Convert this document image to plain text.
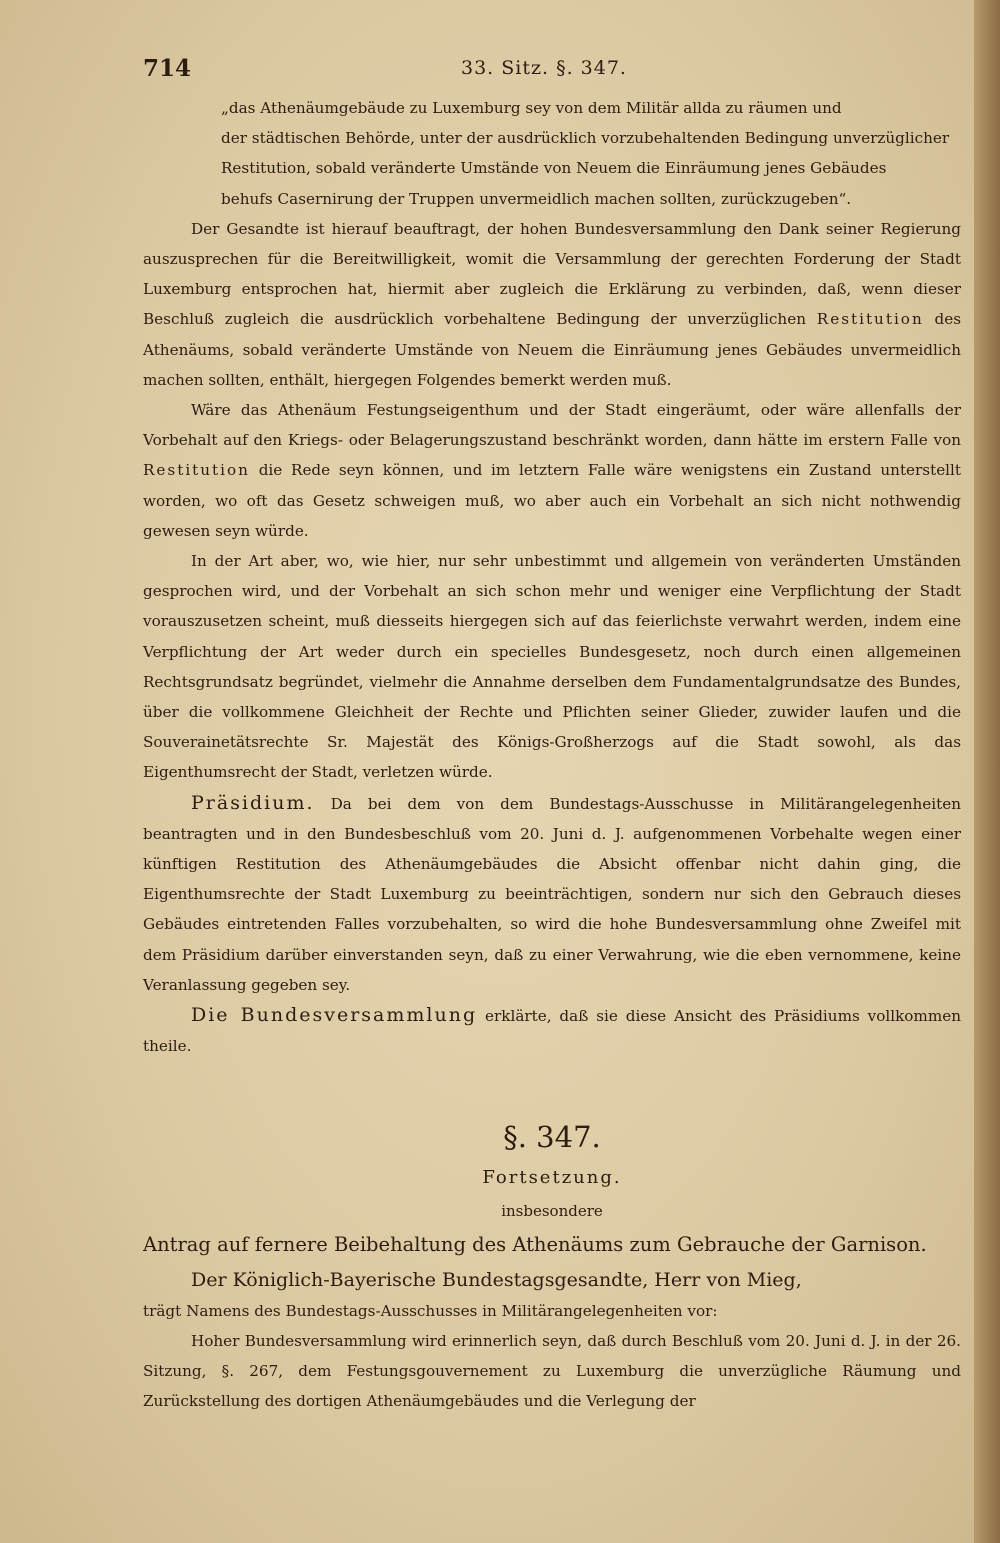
714	33. Sitz. §. 347.

„das Athenäumgebäude zu Luxemburg sey von dem Militär allda zu räumen und

der städtischen Behörde, unter der ausdrücklich vorzubehaltenden Bedingung unverzüglicher

Restitution, sobald veränderte Umstände von Neuem die Einräumung jenes Gebäudes

behufs Casernirung der Truppen unvermeidlich machen sollten, zurückzugeben“.

Der Gesandte ist hierauf beauftragt, der hohen Bundesversammlung den Dank seiner Regierung auszusprechen für die Bereitwilligkeit, womit die Versammlung der gerechten Forderung der Stadt Luxemburg entsprochen hat, hiermit aber zugleich die Erklärung zu verbinden, daß, wenn dieser Beschluß zugleich die ausdrücklich vorbehaltene Bedingung der unverzüglichen Restitution des Athenäums, sobald veränderte Umstände von Neuem die Einräumung jenes Gebäudes unvermeidlich machen sollten, enthält, hiergegen Folgendes bemerkt werden muß.

Wäre das Athenäum Festungseigenthum und der Stadt eingeräumt, oder wäre allenfalls der Vorbehalt auf den Kriegs- oder Belagerungszustand beschränkt worden, dann hätte im erstern Falle von Restitution die Rede seyn können, und im letztern Falle wäre wenigstens ein Zustand unterstellt worden, wo oft das Gesetz schweigen muß, wo aber auch ein Vorbehalt an sich nicht nothwendig gewesen seyn würde.

In der Art aber, wo, wie hier, nur sehr unbestimmt und allgemein von veränderten Umständen gesprochen wird, und der Vorbehalt an sich schon mehr und weniger eine Verpflichtung der Stadt vorauszusetzen scheint, muß diesseits hiergegen sich auf das feierlichste verwahrt werden, indem eine Verpflichtung der Art weder durch ein specielles Bundesgesetz, noch durch einen allgemeinen Rechtsgrundsatz begründet, vielmehr die Annahme derselben dem Fundamentalgrundsatze des Bundes, über die vollkommene Gleichheit der Rechte und Pflichten seiner Glieder, zuwider laufen und die Souverainetätsrechte Sr. Majestät des Königs-Großherzogs auf die Stadt sowohl, als das Eigenthumsrecht der Stadt, verletzen würde.

Präsidium. Da bei dem von dem Bundestags-Ausschusse in Militärangelegenheiten beantragten und in den Bundesbeschluß vom 20. Juni d. J. aufgenommenen Vorbehalte wegen einer künftigen Restitution des Athenäumgebäudes die Absicht offenbar nicht dahin ging, die Eigenthumsrechte der Stadt Luxemburg zu beeinträchtigen, sondern nur sich den Gebrauch dieses Gebäudes eintretenden Falles vorzubehalten, so wird die hohe Bundesversammlung ohne Zweifel mit dem Präsidium darüber einverstanden seyn, daß zu einer Verwahrung, wie die eben vernommene, keine Veranlassung gegeben sey.

Die Bundesversammlung erklärte, daß sie diese Ansicht des Präsidiums vollkommen theile.

§. 347.
Fortsetzung.
insbesondere

Antrag auf fernere Beibehaltung des Athenäums zum Gebrauche der Garnison.

Der Königlich-Bayerische Bundestagsgesandte, Herr von Mieg,

trägt Namens des Bundestags-Ausschusses in Militärangelegenheiten vor:

Hoher Bundesversammlung wird erinnerlich seyn, daß durch Beschluß vom 20. Juni d. J. in der 26. Sitzung, §. 267, dem Festungsgouvernement zu Luxemburg die unverzügliche Räumung und Zurückstellung des dortigen Athenäumgebäudes und die Verlegung der
